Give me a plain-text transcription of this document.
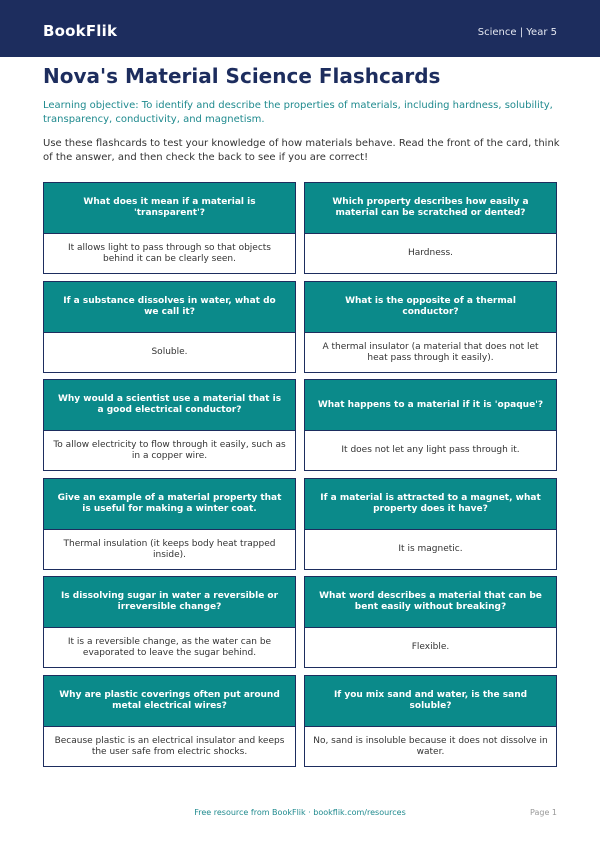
BookFlik	Science | Year 5
Nova's Material Science Flashcards
Learning objective: To identify and describe the properties of materials, including hardness, solubility, transparency, conductivity, and magnetism.
Use these flashcards to test your knowledge of how materials behave. Read the front of the card, think of the answer, and then check the back to see if you are correct!
What does it mean if a material is 'transparent'?
It allows light to pass through so that objects behind it can be clearly seen.
Which property describes how easily a material can be scratched or dented?
Hardness.
If a substance dissolves in water, what do we call it?
Soluble.
What is the opposite of a thermal conductor?
A thermal insulator (a material that does not let heat pass through it easily).
Why would a scientist use a material that is a good electrical conductor?
To allow electricity to flow through it easily, such as in a copper wire.
What happens to a material if it is 'opaque'?
It does not let any light pass through it.
Give an example of a material property that is useful for making a winter coat.
Thermal insulation (it keeps body heat trapped inside).
If a material is attracted to a magnet, what property does it have?
It is magnetic.
Is dissolving sugar in water a reversible or irreversible change?
It is a reversible change, as the water can be evaporated to leave the sugar behind.
What word describes a material that can be bent easily without breaking?
Flexible.
Why are plastic coverings often put around metal electrical wires?
Because plastic is an electrical insulator and keeps the user safe from electric shocks.
If you mix sand and water, is the sand soluble?
No, sand is insoluble because it does not dissolve in water.
Free resource from BookFlik · bookflik.com/resources	Page 1
